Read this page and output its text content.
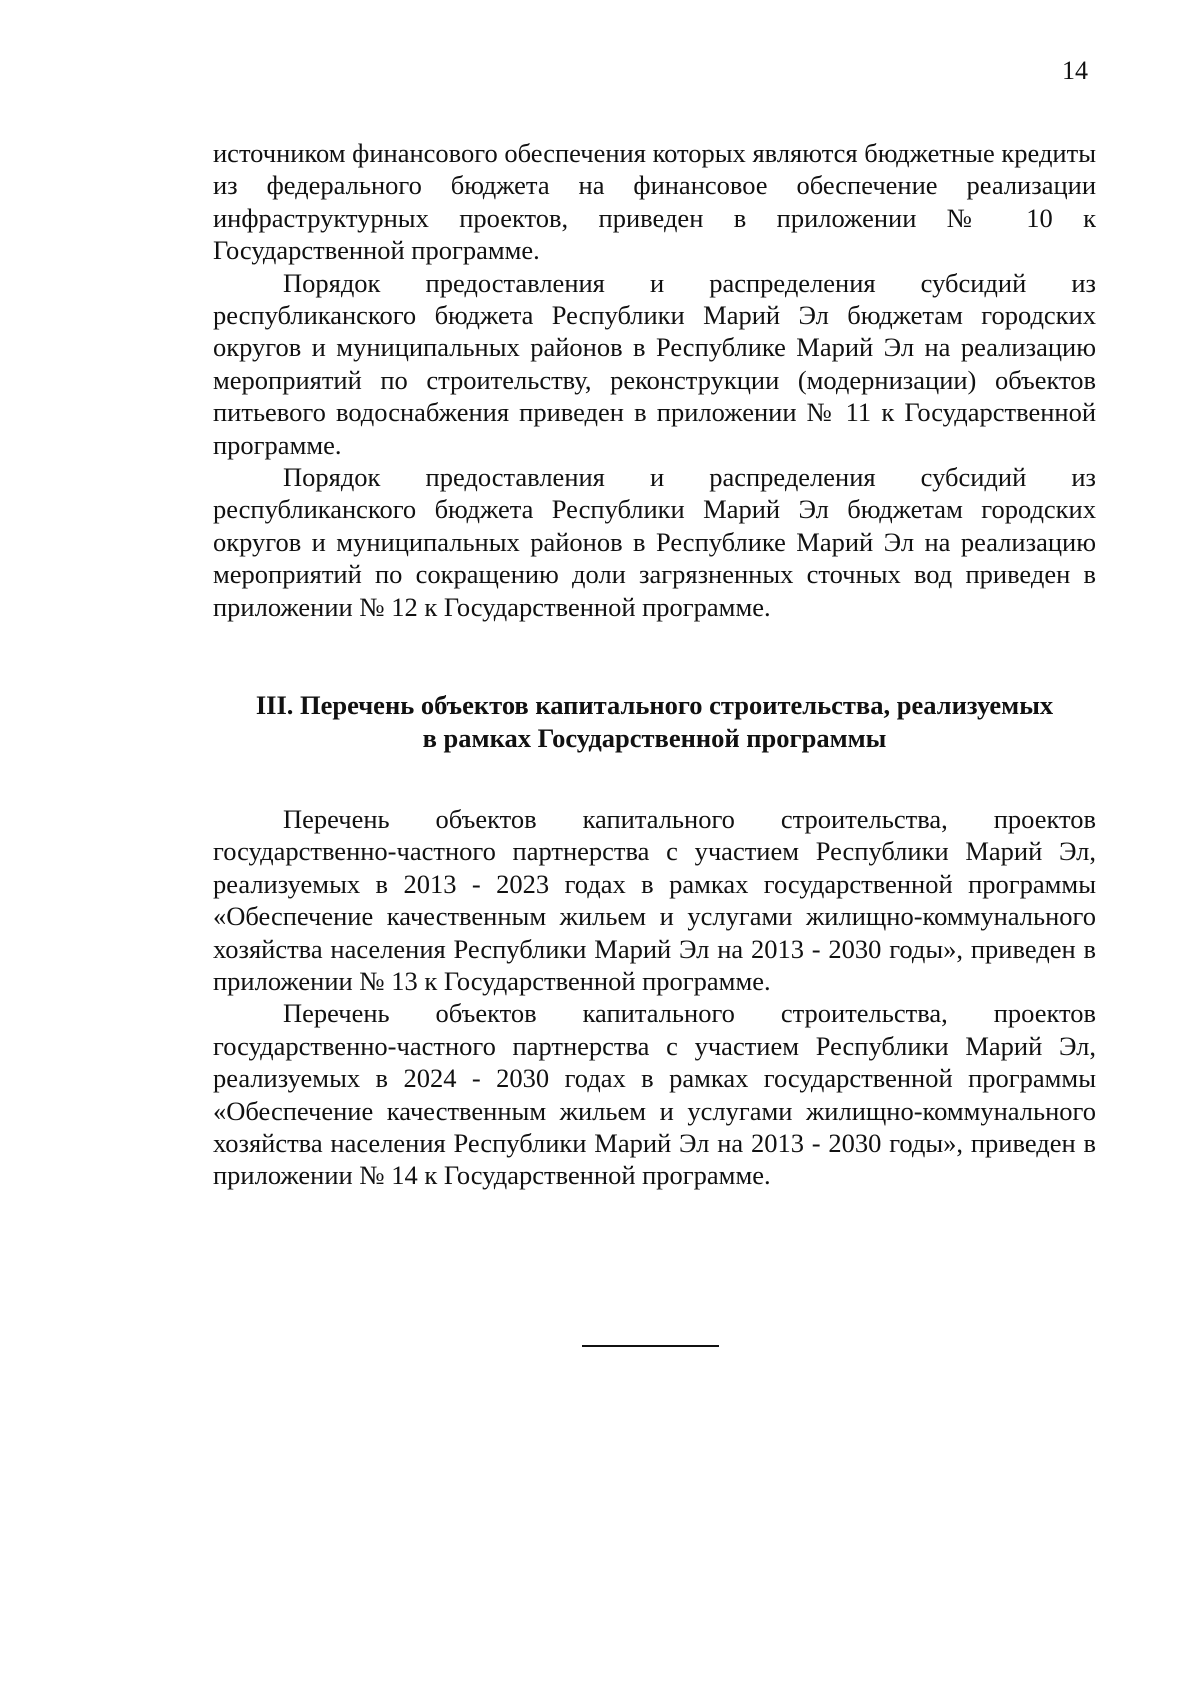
14

источником финансового обеспечения которых являются бюджетные кредиты из федерального бюджета на финансовое обеспечение реализации инфраструктурных проектов, приведен в приложении № 10 к Государственной программе.

Порядок предоставления и распределения субсидий из республиканского бюджета Республики Марий Эл бюджетам городских округов и муниципальных районов в Республике Марий Эл на реализацию мероприятий по строительству, реконструкции (модернизации) объектов питьевого водоснабжения приведен в приложении № 11 к Государственной программе.

Порядок предоставления и распределения субсидий из республиканского бюджета Республики Марий Эл бюджетам городских округов и муниципальных районов в Республике Марий Эл на реализацию мероприятий по сокращению доли загрязненных сточных вод приведен в приложении № 12 к Государственной программе.

III. Перечень объектов капитального строительства, реализуемых
в рамках Государственной программы

Перечень объектов капитального строительства, проектов государственно-частного партнерства с участием Республики Марий Эл, реализуемых в 2013 - 2023 годах в рамках государственной программы «Обеспечение качественным жильем и услугами жилищно-коммунального хозяйства населения Республики Марий Эл на 2013 - 2030 годы», приведен в приложении № 13 к Государственной программе.

Перечень объектов капитального строительства, проектов государственно-частного партнерства с участием Республики Марий Эл, реализуемых в 2024 - 2030 годах в рамках государственной программы «Обеспечение качественным жильем и услугами жилищно-коммунального хозяйства населения Республики Марий Эл на 2013 - 2030 годы», приведен в приложении № 14 к Государственной программе.
